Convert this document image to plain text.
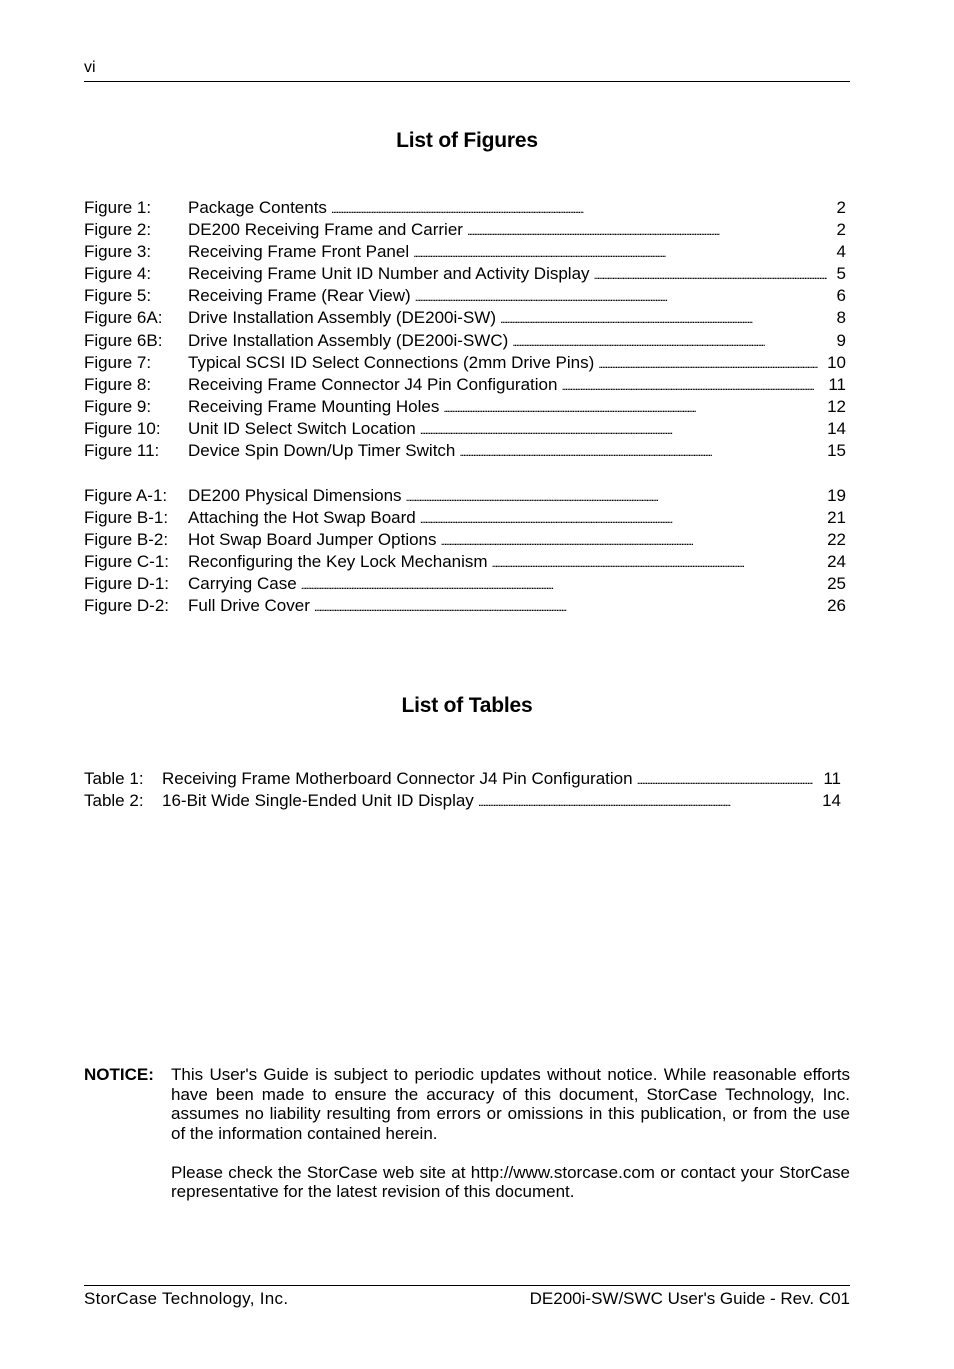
vi
List of Figures
Figure 1: Package Contents . . .	2
Figure 2: DE200 Receiving Frame and Carrier . . .	2
Figure 3: Receiving Frame Front Panel . . .	4
Figure 4: Receiving Frame Unit ID Number and Activity Display . . .	5
Figure 5: Receiving Frame (Rear View) . . .	6
Figure 6A: Drive Installation Assembly (DE200i-SW) . . .	8
Figure 6B: Drive Installation Assembly (DE200i-SWC) . . .	9
Figure 7: Typical SCSI ID Select Connections (2mm Drive Pins) . . .	10
Figure 8: Receiving Frame Connector J4 Pin Configuration . . .	11
Figure 9: Receiving Frame Mounting Holes . . .	12
Figure 10: Unit ID Select Switch Location . . .	14
Figure 11: Device Spin Down/Up Timer Switch . . .	15
Figure A-1: DE200 Physical Dimensions . . .	19
Figure B-1: Attaching the Hot Swap Board . . .	21
Figure B-2: Hot Swap Board Jumper Options . . .	22
Figure C-1: Reconfiguring the Key Lock Mechanism . . .	24
Figure D-1: Carrying Case . . .	25
Figure D-2: Full Drive Cover . . .	26
List of Tables
Table 1: Receiving Frame Motherboard Connector J4 Pin Configuration . . .	11
Table 2: 16-Bit Wide Single-Ended Unit ID Display . . .	14
NOTICE: This User's Guide is subject to periodic updates without notice. While reasonable efforts have been made to ensure the accuracy of this document, StorCase Technology, Inc. assumes no liability resulting from errors or omissions in this publication, or from the use of the information contained herein.

Please check the StorCase web site at http://www.storcase.com or contact your StorCase representative for the latest revision of this document.

StorCase Technology, Inc.	DE200i-SW/SWC User's Guide - Rev. C01
